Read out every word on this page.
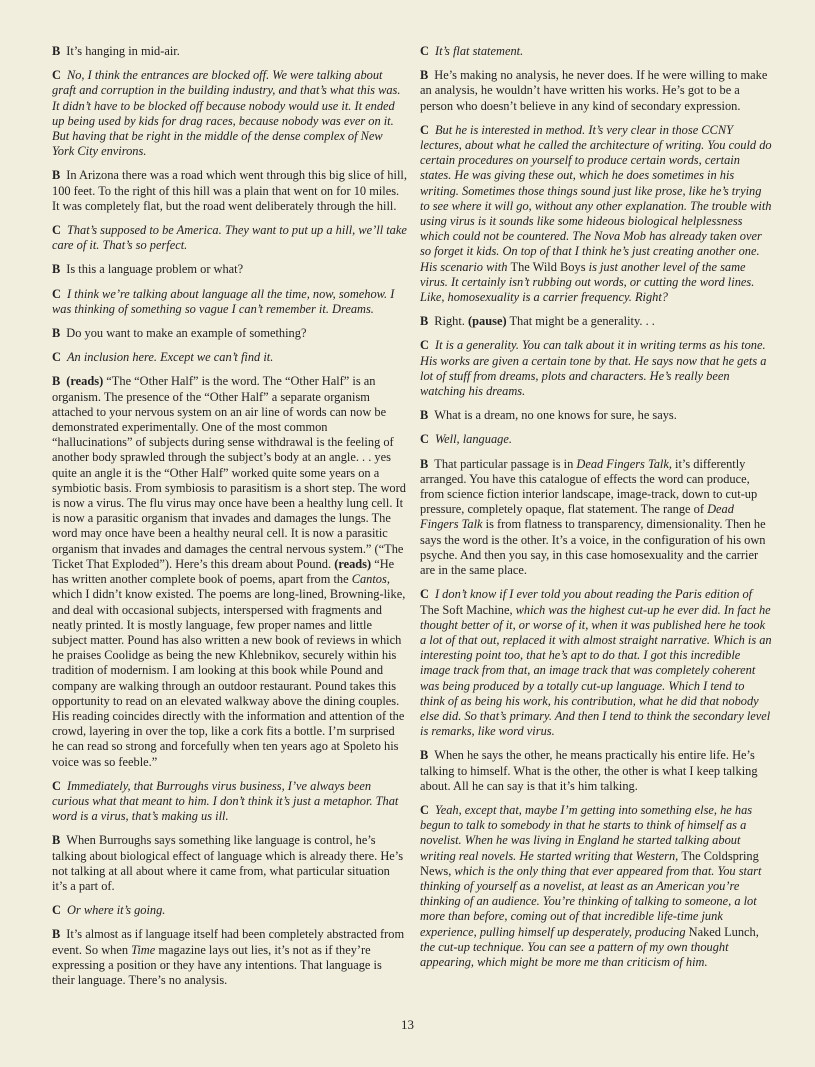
B It’s hanging in mid-air.

C No, I think the entrances are blocked off. We were talking about graft and corruption in the building industry, and that’s what this was. It didn’t have to be blocked off because nobody would use it. It ended up being used by kids for drag races, because nobody was ever on it. But having that be right in the middle of the dense complex of New York City environs.

B In Arizona there was a road which went through this big slice of hill, 100 feet. To the right of this hill was a plain that went on for 10 miles. It was completely flat, but the road went deliberately through the hill.

C That’s supposed to be America. They want to put up a hill, we’ll take care of it. That’s so perfect.

B Is this a language problem or what?

C I think we’re talking about language all the time, now, somehow. I was thinking of something so vague I can’t remember it. Dreams.

B Do you want to make an example of something?

C An inclusion here. Except we can’t find it.

B (reads) “The “Other Half” is the word. The “Other Half” is an organism. The presence of the “Other Half” a separate organism attached to your nervous system on an air line of words can now be demonstrated experimentally. One of the most common “hallucinations” of subjects during sense withdrawal is the feeling of another body sprawled through the subject’s body at an angle. . . yes quite an angle it is the “Other Half” worked quite some years on a symbiotic basis. From symbiosis to parasitism is a short step. The word is now a virus. The flu virus may once have been a healthy lung cell. It is now a parasitic organism that invades and damages the lungs. The word may once have been a healthy neural cell. It is now a parasitic organism that invades and damages the central nervous system.” (“The Ticket That Exploded”). Here’s this dream about Pound. (reads) “He has written another complete book of poems, apart from the Cantos, which I didn’t know existed. The poems are long-lined, Browning-like, and deal with occasional subjects, interspersed with fragments and neatly printed. It is mostly language, few proper names and little subject matter. Pound has also written a new book of reviews in which he praises Coolidge as being the new Khlebnikov, securely within his tradition of modernism. I am looking at this book while Pound and company are walking through an outdoor restaurant. Pound takes this opportunity to read on an elevated walkway above the dining couples. His reading coincides directly with the information and attention of the crowd, layering in over the top, like a cork fits a bottle. I’m surprised he can read so strong and forcefully when ten years ago at Spoleto his voice was so feeble.”

C Immediately, that Burroughs virus business, I’ve always been curious what that meant to him. I don’t think it’s just a metaphor. That word is a virus, that’s making us ill.

B When Burroughs says something like language is control, he’s talking about biological effect of language which is already there. He’s not talking at all about where it came from, what particular situation it’s a part of.

C Or where it’s going.

B It’s almost as if language itself had been completely abstracted from event. So when Time magazine lays out lies, it’s not as if they’re expressing a position or they have any intentions. That language is their language. There’s no analysis.

C It’s flat statement.

B He’s making no analysis, he never does. If he were willing to make an analysis, he wouldn’t have written his works. He’s got to be a person who doesn’t believe in any kind of secondary expression.

C But he is interested in method. It’s very clear in those CCNY lectures, about what he called the architecture of writing. You could do certain procedures on yourself to produce certain words, certain states. He was giving these out, which he does sometimes in his writing. Sometimes those things sound just like prose, like he’s trying to see where it will go, without any other explanation. The trouble with using virus is it sounds like some hideous biological helplessness which could not be countered. The Nova Mob has already taken over so forget it kids. On top of that I think he’s just creating another one. His scenario with The Wild Boys is just another level of the same virus. It certainly isn’t rubbing out words, or cutting the word lines. Like, homosexuality is a carrier frequency. Right?

B Right. (pause) That might be a generality. . .

C It is a generality. You can talk about it in writing terms as his tone. His works are given a certain tone by that. He says now that he gets a lot of stuff from dreams, plots and characters. He’s really been watching his dreams.

B What is a dream, no one knows for sure, he says.

C Well, language.

B That particular passage is in Dead Fingers Talk, it’s differently arranged. You have this catalogue of effects the word can produce, from science fiction interior landscape, image-track, down to cut-up pressure, completely opaque, flat statement. The range of Dead Fingers Talk is from flatness to transparency, dimensionality. Then he says the word is the other. It’s a voice, in the configuration of his own psyche. And then you say, in this case homosexuality and the carrier are in the same place.

C I don’t know if I ever told you about reading the Paris edition of The Soft Machine, which was the highest cut-up he ever did. In fact he thought better of it, or worse of it, when it was published here he took a lot of that out, replaced it with almost straight narrative. Which is an interesting point too, that he’s apt to do that. I got this incredible image track from that, an image track that was completely coherent was being produced by a totally cut-up language. Which I tend to think of as being his work, his contribution, what he did that nobody else did. So that’s primary. And then I tend to think the secondary level is remarks, like word virus.

B When he says the other, he means practically his entire life. He’s talking to himself. What is the other, the other is what I keep talking about. All he can say is that it’s him talking.

C Yeah, except that, maybe I’m getting into something else, he has begun to talk to somebody in that he starts to think of himself as a novelist. When he was living in England he started talking about writing real novels. He started writing that Western, The Coldspring News, which is the only thing that ever appeared from that. You start thinking of yourself as a novelist, at least as an American you’re thinking of an audience. You’re thinking of talking to someone, a lot more than before, coming out of that incredible life-time junk experience, pulling himself up desperately, producing Naked Lunch, the cut-up technique. You can see a pattern of my own thought appearing, which might be more me than criticism of him.

13
